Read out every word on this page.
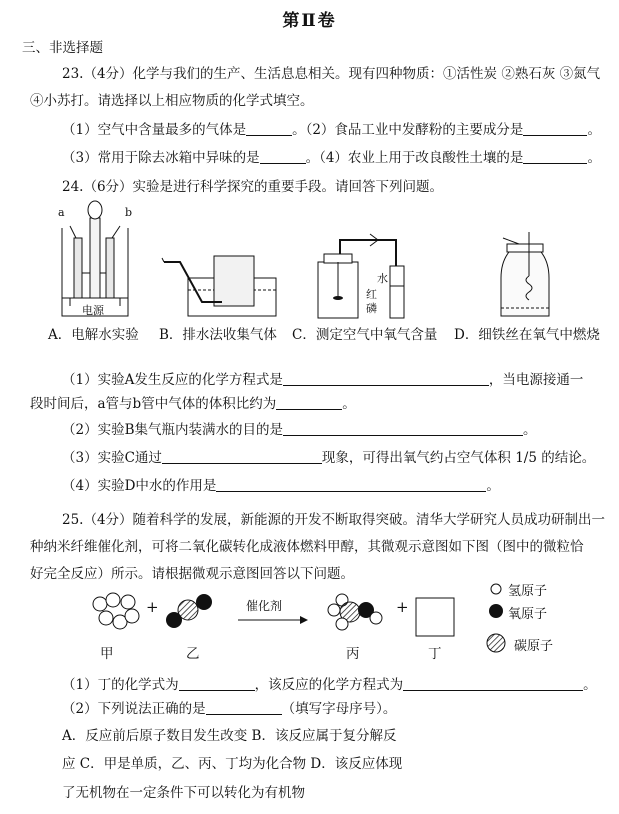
第Ⅱ卷
三、非选择题
23.（4分）化学与我们的生产、生活息息相关。现有四种物质：①活性炭 ②熟石灰 ③氮气
④小苏打。请选择以上相应物质的化学式填空。
（1）空气中含量最多的气体是	。（2）食品工业中发酵粉的主要成分是	。
（3）常用于除去冰箱中异味的是	。（4）农业上用于改良酸性土壤的是	。
24.（6分）实验是进行科学探究的重要手段。请回答下列问题。
a	b
电源
水
红
磷
A．电解水实验 B．排水法收集气体 C．测定空气中氧气含量 D．细铁丝在氧气中燃烧
（1）实验A发生反应的化学方程式是	，当电源接通一
段时间后，a管与b管中气体的体积比约为	。
（2）实验B集气瓶内装满水的目的是	。
（3）实验C通过	现象，可得出氧气约占空气体积 1/5 的结论。
（4）实验D中水的作用是	。
25.（4分）随着科学的发展，新能源的开发不断取得突破。清华大学研究人员成功研制出一
种纳米纤维催化剂，可将二氧化碳转化成液体燃料甲醇，其微观示意图如下图（图中的微粒恰
好完全反应）所示。请根据微观示意图回答以下问题。
+	+
催化剂
甲	乙	丙	丁
氢原子
氧原子
碳原子
（1）丁的化学式为	，该反应的化学方程式为	。
（2）下列说法正确的是	（填写字母序号）。
A．反应前后原子数目发生改变 B．该反应属于复分解反
应 C．甲是单质，乙、丙、丁均为化合物 D．该反应体现
了无机物在一定条件下可以转化为有机物
